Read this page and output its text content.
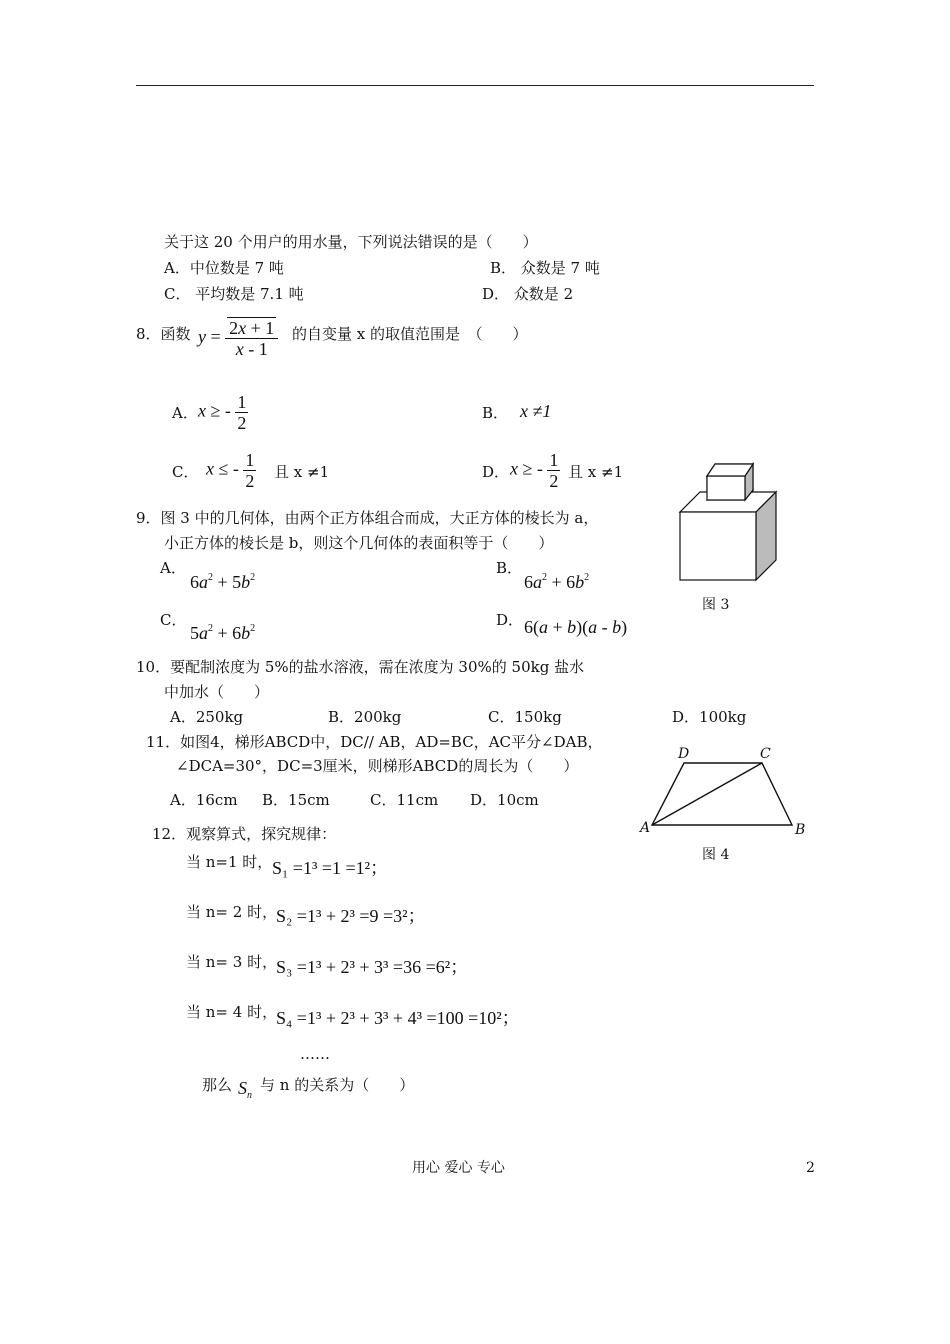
关于这 20 个用户的用水量，下列说法错误的是（　　）
A．中位数是 7 吨	B． 众数是 7 吨
C． 平均数是 7.1 吨	D． 众数是 2
8．函数 $y = \frac{2x + 1}{x - 1}$ 的自变量 x 的取值范围是　（　　）
A． x ≥ - $\frac{1}{2}$	B． x ≠1
C． x ≤ - $\frac{1}{2}$ 且 x ≠1	D． x ≥ - $\frac{1}{2}$ 且 x ≠1
9．图 3 中的几何体，由两个正方体组合而成，大正方体的棱长为 a，
小正方体的棱长是 b，则这个几何体的表面积等于（　　）
A．
$6a^2 + 5b^2$
B．
$6a^2 + 6b^2$
C．
$5a^2 + 6b^2$	D． 6(a + b)(a - b)
图 3
10．要配制浓度为 5%的盐水溶液，需在浓度为 30%的 50kg 盐水
中加水（　　）
A．250kg	B．200kg	C．150kg	D．100kg
11．如图4，梯形ABCD中，DC// AB，AD=BC，AC平分∠DAB，
∠DCA=30°，DC=3厘米，则梯形ABCD的周长为（　　）
A．16cm B．15cm	C．11cm D．10cm
D	C
A	B
图 4
12．观察算式，探究规律：
当 n=1 时， S₁ =1³ =1 =1²；
当 n= 2 时，
S₂ =1³ + 2³ =9 =3²；
当 n= 3 时，
S₃ =1³ + 2³ + 3³ =36 =6²；
当 n= 4 时，
S₄ =1³ + 2³ + 3³ + 4³ =100 =10²；
……
那么 $S_n$
与 n 的关系为（　　）
用心 爱心 专心	2
